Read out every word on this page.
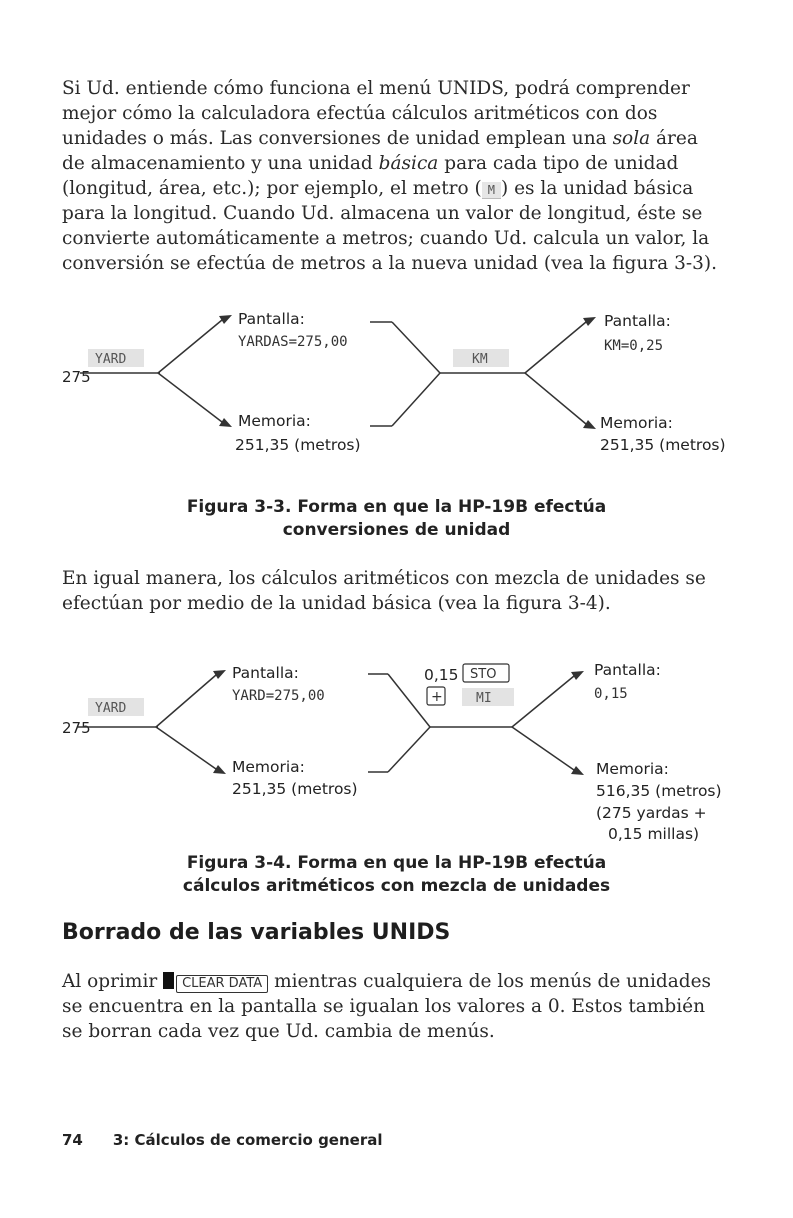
Si Ud. entiende cómo funciona el menú UNIDS, podrá comprender mejor cómo la calculadora efectúa cálculos aritméticos con dos unidades o más. Las conversiones de unidad emplean una sola área de almacenamiento y una unidad básica para cada tipo de unidad (longitud, área, etc.); por ejemplo, el metro ( M ) es la unidad básica para la longitud. Cuando Ud. almacena un valor de longitud, éste se convierte automáticamente a metros; cuando Ud. calcula un valor, la conversión se efectúa de metros a la nueva unidad (vea la figura 3-3).

275
YARD
Pantalla:
YARDAS=275,00
Memoria:
251,35 (metros)
KM
Pantalla:
KM=0,25
Memoria:
251,35 (metros)
Figura 3-3. Forma en que la HP-19B efectúa
conversiones de unidad

En igual manera, los cálculos aritméticos con mezcla de unidades se efectúan por medio de la unidad básica (vea la figura 3-4).

275
YARD
Pantalla:
YARD=275,00
Memoria:
251,35 (metros)
0,15 STO
+	MI
Pantalla:
0,15
Memoria:
516,35 (metros)
(275 yardas +
0,15 millas)
Figura 3-4. Forma en que la HP-19B efectúa
cálculos aritméticos con mezcla de unidades
Borrado de las variables UNIDS

Al oprimir CLEAR DATA mientras cualquiera de los menús de unidades se encuentra en la pantalla se igualan los valores a 0. Estos también se borran cada vez que Ud. cambia de menús.

74 3: Cálculos de comercio general
